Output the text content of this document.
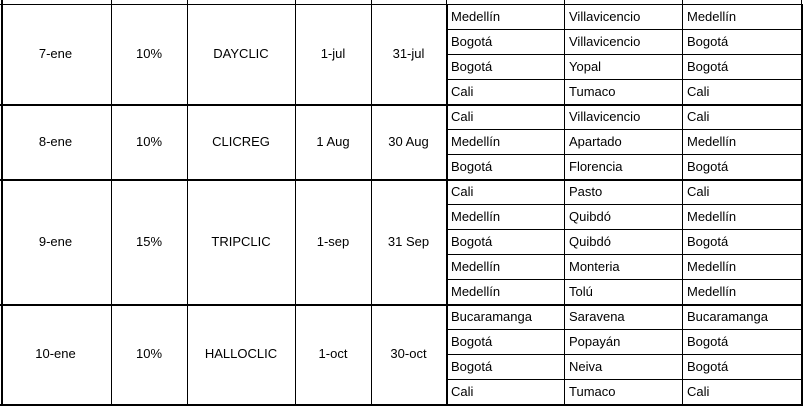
7-ene	10%	DAYCLIC	1-jul	31-jul
Medellín	Villavicencio	Medellín
Bogotá	Villavicencio	Bogotá
Bogotá	Yopal	Bogotá
Cali	Tumaco	Cali
8-ene	10%	CLICREG	1 Aug	30 Aug
Cali	Villavicencio	Cali
Medellín	Apartado	Medellín
Bogotá	Florencia	Bogotá
9-ene	15%	TRIPCLIC	1-sep	31 Sep
Cali	Pasto	Cali
Medellín	Quibdó	Medellín
Bogotá	Quibdó	Bogotá
Medellín	Monteria	Medellín
Medellín	Tolú	Medellín
10-ene	10%	HALLOCLIC	1-oct	30-oct
Bucaramanga	Saravena	Bucaramanga
Bogotá	Popayán	Bogotá
Bogotá	Neiva	Bogotá
Cali	Tumaco	Cali
